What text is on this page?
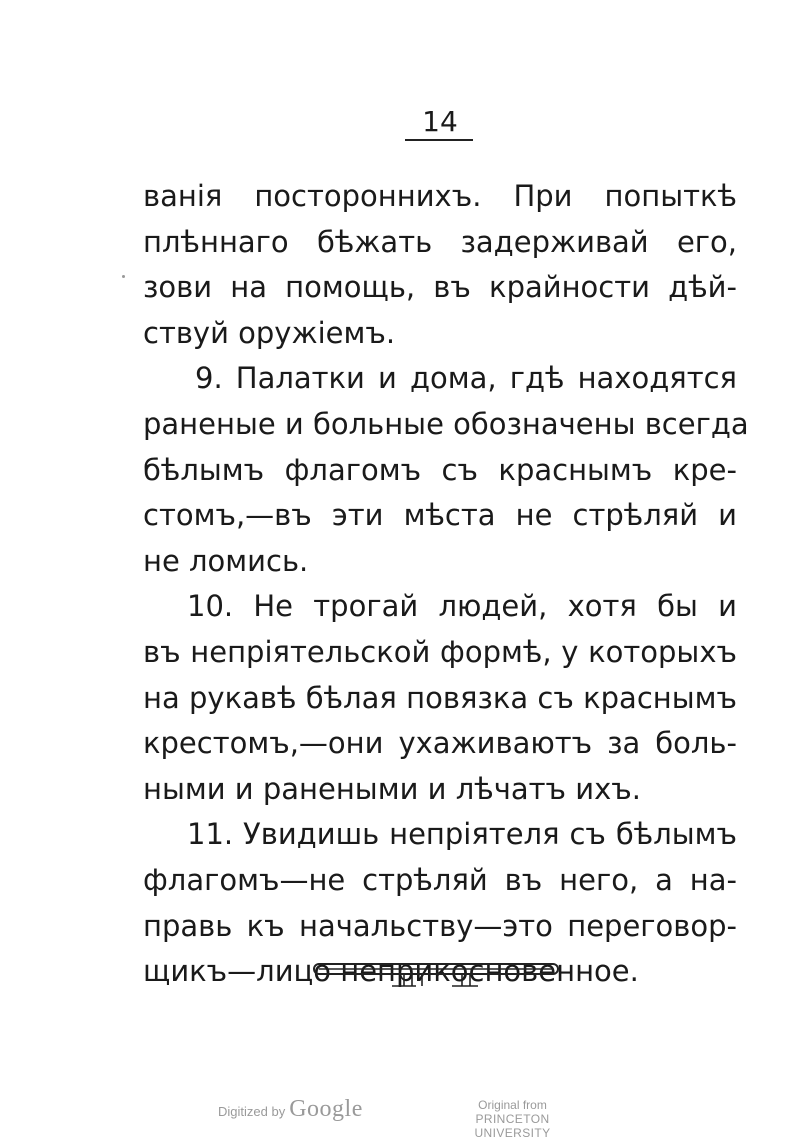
14
ванія постороннихъ. При попыткѣ
плѣннаго бѣжать задерживай его,
зови на помощь, въ крайности дѣй-
ствуй оружіемъ.
9. Палатки и дома, гдѣ находятся
раненые и больные обозначены всегда
бѣлымъ флагомъ съ краснымъ кре-
стомъ,—въ эти мѣста не стрѣляй и
не ломись.
10. Не трогай людей, хотя бы и
въ непріятельской формѣ, у которыхъ
на рукавѣ бѣлая повязка съ краснымъ
крестомъ,—они ухаживаютъ за боль-
ными и ранеными и лѣчатъ ихъ.
11. Увидишь непріятеля съ бѣлымъ
флагомъ—не стрѣляй въ него, а на-
правь къ начальству—это переговор-
щикъ—лицо неприкосновенное.
Digitized by Google	Original from
PRINCETON UNIVERSITY
